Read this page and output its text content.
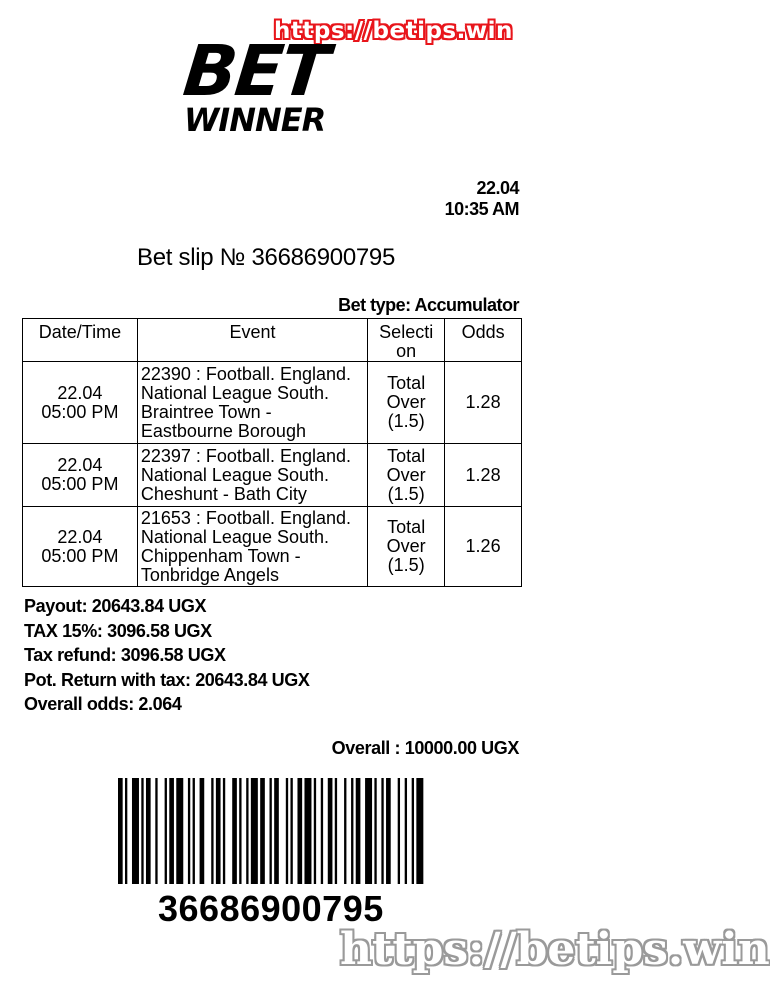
https://betips.win
BET
WINNER
22.04
10:35 AM
Bet slip № 36686900795
Bet type: Accumulator
Date/Time	Event	Selection	Odds

22.04
05:00 PM	22390 : Football. England. National League South. Braintree Town - Eastbourne Borough	Total Over (1.5)	1.28

22.04
05:00 PM	22397 : Football. England. National League South. Cheshunt - Bath City	Total Over (1.5)	1.28

22.04
05:00 PM	21653 : Football. England. National League South. Chippenham Town - Tonbridge Angels	Total Over (1.5)	1.26
Payout: 20643.84 UGX
TAX 15%: 3096.58 UGX
Tax refund: 3096.58 UGX
Pot. Return with tax: 20643.84 UGX
Overall odds: 2.064
Overall : 10000.00 UGX
36686900795
https://betips.win
